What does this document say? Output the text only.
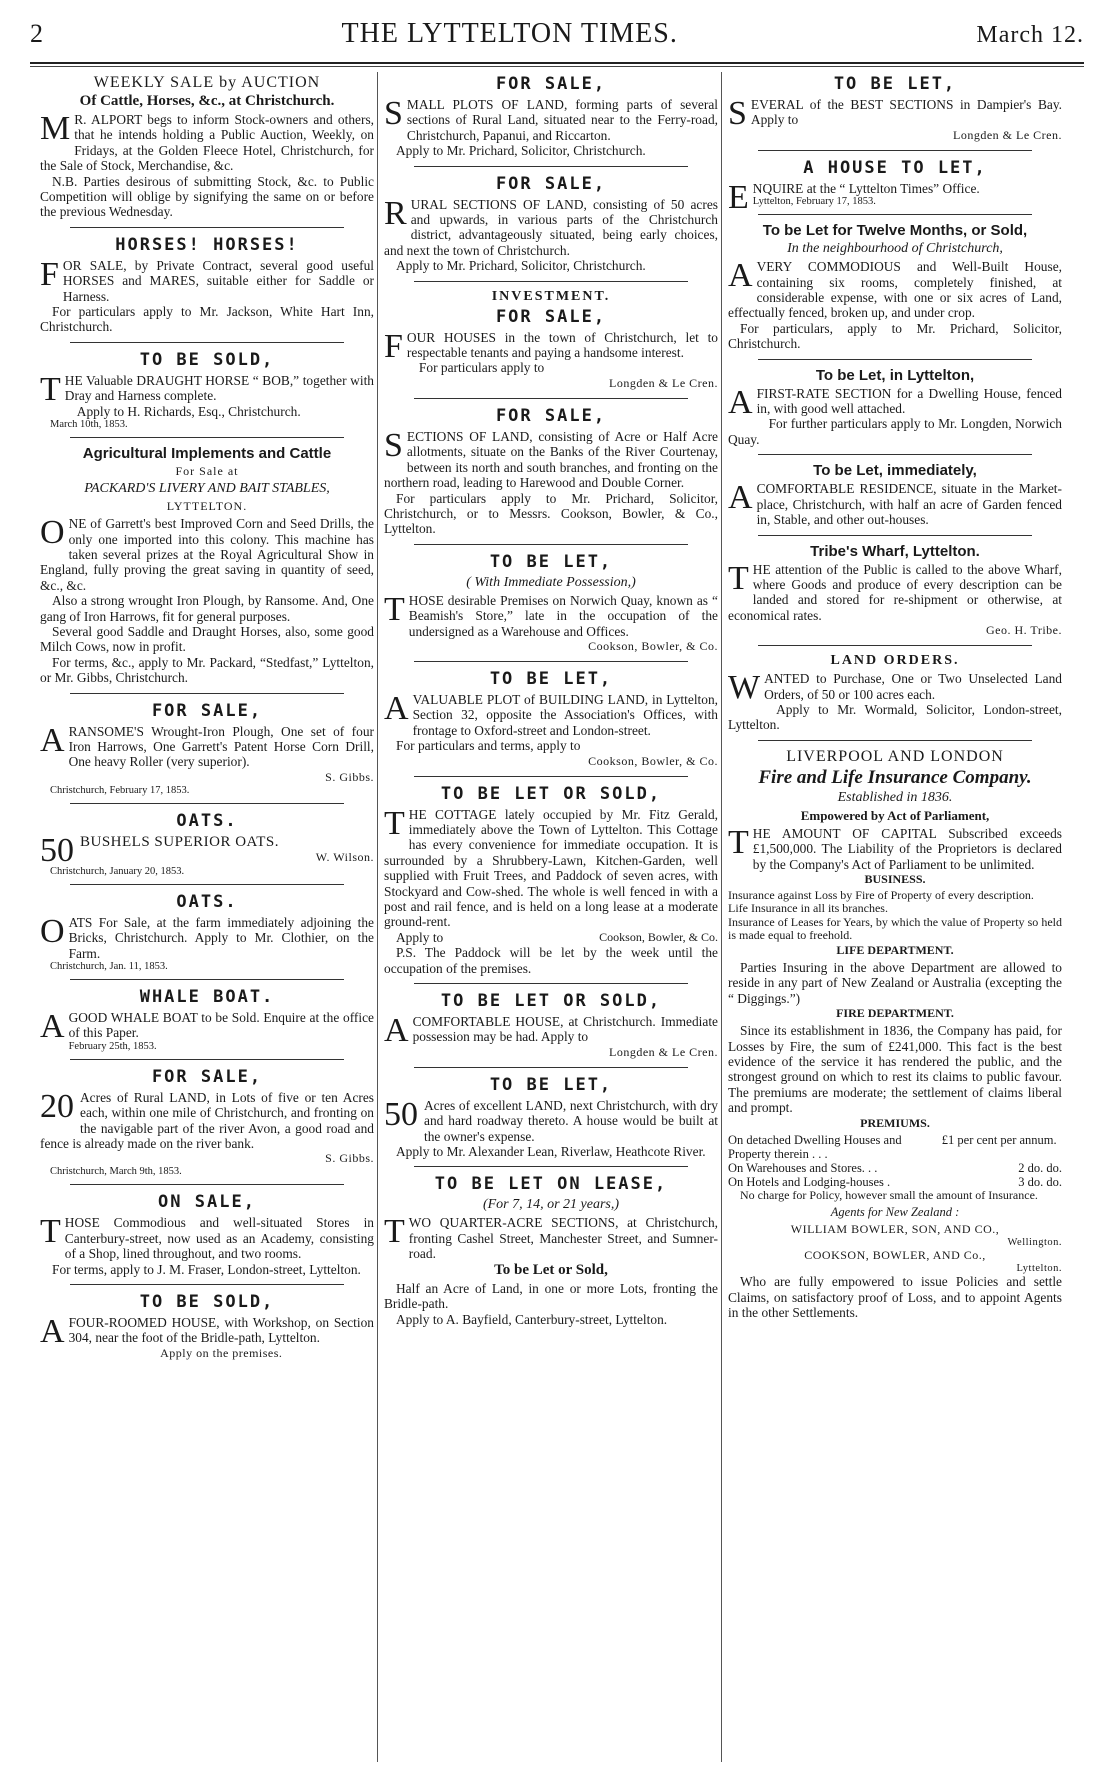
2	THE LYTTELTON TIMES.	March 12.
WEEKLY SALE by AUCTION
Of Cattle, Horses, &c., at Christchurch.

M R. ALPORT begs to inform Stock-owners and others, that he intends holding a Public Auction, Weekly, on Fridays, at the Golden Fleece Hotel, Christchurch, for the Sale of Stock, Merchandise, &c.

N.B. Parties desirous of submitting Stock, &c. to Public Competition will oblige by signifying the same on or before the previous Wednesday.

HORSES! HORSES!

FOR SALE, by Private Contract, several good useful HORSES and MARES, suitable either for Saddle or Harness.

For particulars apply to Mr. Jackson, White Hart Inn, Christchurch.

TO BE SOLD,

THE Valuable DRAUGHT HORSE “ BOB,” together with Dray and Harness complete.

Apply to H. Richards, Esq., Christchurch.

March 10th, 1853.
Agricultural Implements and Cattle
For Sale at
PACKARD'S LIVERY AND BAIT STABLES,
LYTTELTON.

ONE of Garrett's best Improved Corn and Seed Drills, the only one imported into this colony. This machine has taken several prizes at the Royal Agricultural Show in England, fully proving the great saving in quantity of seed, &c., &c.

Also a strong wrought Iron Plough, by Ransome. And, One gang of Iron Harrows, fit for general purposes.

Several good Saddle and Draught Horses, also, some good Milch Cows, now in profit.

For terms, &c., apply to Mr. Packard, “Stedfast,” Lyttelton, or Mr. Gibbs, Christchurch.

FOR SALE,

ARANSOME'S Wrought-Iron Plough, One set of four Iron Harrows, One Garrett's Patent Horse Corn Drill, One heavy Roller (very superior).

S. Gibbs.
Christchurch, February 17, 1853.
OATS.

50 BUSHELS SUPERIOR OATS.

W. Wilson.
Christchurch, January 20, 1853.
OATS.

OATS For Sale, at the farm immediately adjoining the Bricks, Christchurch. Apply to Mr. Clothier, on the Farm.

Christchurch, Jan. 11, 1853.
WHALE BOAT.

AGOOD WHALE BOAT to be Sold. Enquire at the office of this Paper.

February 25th, 1853.
FOR SALE,

20 Acres of Rural LAND, in Lots of five or ten Acres each, within one mile of Christchurch, and fronting on the navigable part of the river Avon, a good road and fence is already made on the river bank.

S. Gibbs.
Christchurch, March 9th, 1853.
ON SALE,

THOSE Commodious and well-situated Stores in Canterbury-street, now used as an Academy, consisting of a Shop, lined throughout, and two rooms.

For terms, apply to J. M. Fraser, London-street, Lyttelton.

TO BE SOLD,

AFOUR-ROOMED HOUSE, with Workshop, on Section 304, near the foot of the Bridle-path, Lyttelton.

Apply on the premises.

FOR SALE,

SMALL PLOTS OF LAND, forming parts of several sections of Rural Land, situated near to the Ferry-road, Christchurch, Papanui, and Riccarton.

Apply to Mr. Prichard, Solicitor, Christchurch.

FOR SALE,

RURAL SECTIONS OF LAND, consisting of 50 acres and upwards, in various parts of the Christchurch district, advantageously situated, being early choices, and next the town of Christchurch.

Apply to Mr. Prichard, Solicitor, Christchurch.

INVESTMENT.
FOR SALE,

FOUR HOUSES in the town of Christchurch, let to respectable tenants and paying a handsome interest.

For particulars apply to

Longden & Le Cren.
FOR SALE,

SECTIONS OF LAND, consisting of Acre or Half Acre allotments, situate on the Banks of the River Courtenay, between its north and south branches, and fronting on the northern road, leading to Harewood and Double Corner.

For particulars apply to Mr. Prichard, Solicitor, Christchurch, or to Messrs. Cookson, Bowler, & Co., Lyttelton.

TO BE LET,
( With Immediate Possession,)

THOSE desirable Premises on Norwich Quay, known as “ Beamish's Store,” late in the occupation of the undersigned as a Warehouse and Offices.

Cookson, Bowler, & Co.
TO BE LET,

AVALUABLE PLOT of BUILDING LAND, in Lyttelton, Section 32, opposite the Association's Offices, with frontage to Oxford-street and London-street.

For particulars and terms, apply to

Cookson, Bowler, & Co.
TO BE LET OR SOLD,

THE COTTAGE lately occupied by Mr. Fitz Gerald, immediately above the Town of Lyttelton. This Cottage has every convenience for immediate occupation. It is surrounded by a Shrubbery-Lawn, Kitchen-Garden, well supplied with Fruit Trees, and Paddock of seven acres, with Stockyard and Cow-shed. The whole is well fenced in with a post and rail fence, and is held on a long lease at a moderate ground-rent.

Apply to	Cookson, Bowler, & Co.

P.S. The Paddock will be let by the week until the occupation of the premises.

TO BE LET OR SOLD,

ACOMFORTABLE HOUSE, at Christchurch. Immediate possession may be had. Apply to

Longden & Le Cren.
TO BE LET,

50 Acres of excellent LAND, next Christchurch, with dry and hard roadway thereto. A house would be built at the owner's expense.

Apply to Mr. Alexander Lean, Riverlaw, Heathcote River.

TO BE LET ON LEASE,
(For 7, 14, or 21 years,)

TWO QUARTER-ACRE SECTIONS, at Christchurch, fronting Cashel Street, Manchester Street, and Sumner-road.

To be Let or Sold,

Half an Acre of Land, in one or more Lots, fronting the Bridle-path.

Apply to A. Bayfield, Canterbury-street, Lyttelton.

TO BE LET,

SEVERAL of the BEST SECTIONS in Dampier's Bay. Apply to

Longden & Le Cren.
A HOUSE TO LET,

ENQUIRE at the “ Lyttelton Times” Office.

Lyttelton, February 17, 1853.
To be Let for Twelve Months, or Sold,
In the neighbourhood of Christchurch,

AVERY COMMODIOUS and Well-Built House, containing six rooms, completely finished, at considerable expense, with one or six acres of Land, effectually fenced, broken up, and under crop.

For particulars, apply to Mr. Prichard, Solicitor, Christchurch.

To be Let, in Lyttelton,

AFIRST-RATE SECTION for a Dwelling House, fenced in, with good well attached.

For further particulars apply to Mr. Longden, Norwich Quay.

To be Let, immediately,

ACOMFORTABLE RESIDENCE, situate in the Market-place, Christchurch, with half an acre of Garden fenced in, Stable, and other out-houses.

Tribe's Wharf, Lyttelton.

THE attention of the Public is called to the above Wharf, where Goods and produce of every description can be landed and stored for re-shipment or otherwise, at economical rates.

Geo. H. Tribe.
LAND ORDERS.

WANTED to Purchase, One or Two Unselected Land Orders, of 50 or 100 acres each.

Apply to Mr. Wormald, Solicitor, London-street, Lyttelton.

LIVERPOOL AND LONDON
Fire and Life Insurance Company.
Established in 1836.
Empowered by Act of Parliament,

THE AMOUNT OF CAPITAL Subscribed exceeds £1,500,000. The Liability of the Proprietors is declared by the Company's Act of Parliament to be unlimited.

BUSINESS.

Insurance against Loss by Fire of Property of every description.

Life Insurance in all its branches.

Insurance of Leases for Years, by which the value of Property so held is made equal to freehold.

LIFE DEPARTMENT.

Parties Insuring in the above Department are allowed to reside in any part of New Zealand or Australia (excepting the “ Diggings.”)

FIRE DEPARTMENT.

Since its establishment in 1836, the Company has paid, for Losses by Fire, the sum of £241,000. This fact is the best evidence of the service it has rendered the public, and the strongest ground on which to rest its claims to public favour. The premiums are moderate; the settlement of claims liberal and prompt.

PREMIUMS.
On detached Dwelling Houses and Property therein . . .
£1 per cent per annum.
On Warehouses and Stores. . .	2 do. do.
On Hotels and Lodging-houses .	3 do. do.

No charge for Policy, however small the amount of Insurance.

Agents for New Zealand :
WILLIAM BOWLER, SON, AND CO.,
Wellington.
COOKSON, BOWLER, AND Co.,
Lyttelton.

Who are fully empowered to issue Policies and settle Claims, on satisfactory proof of Loss, and to appoint Agents in the other Settlements.
